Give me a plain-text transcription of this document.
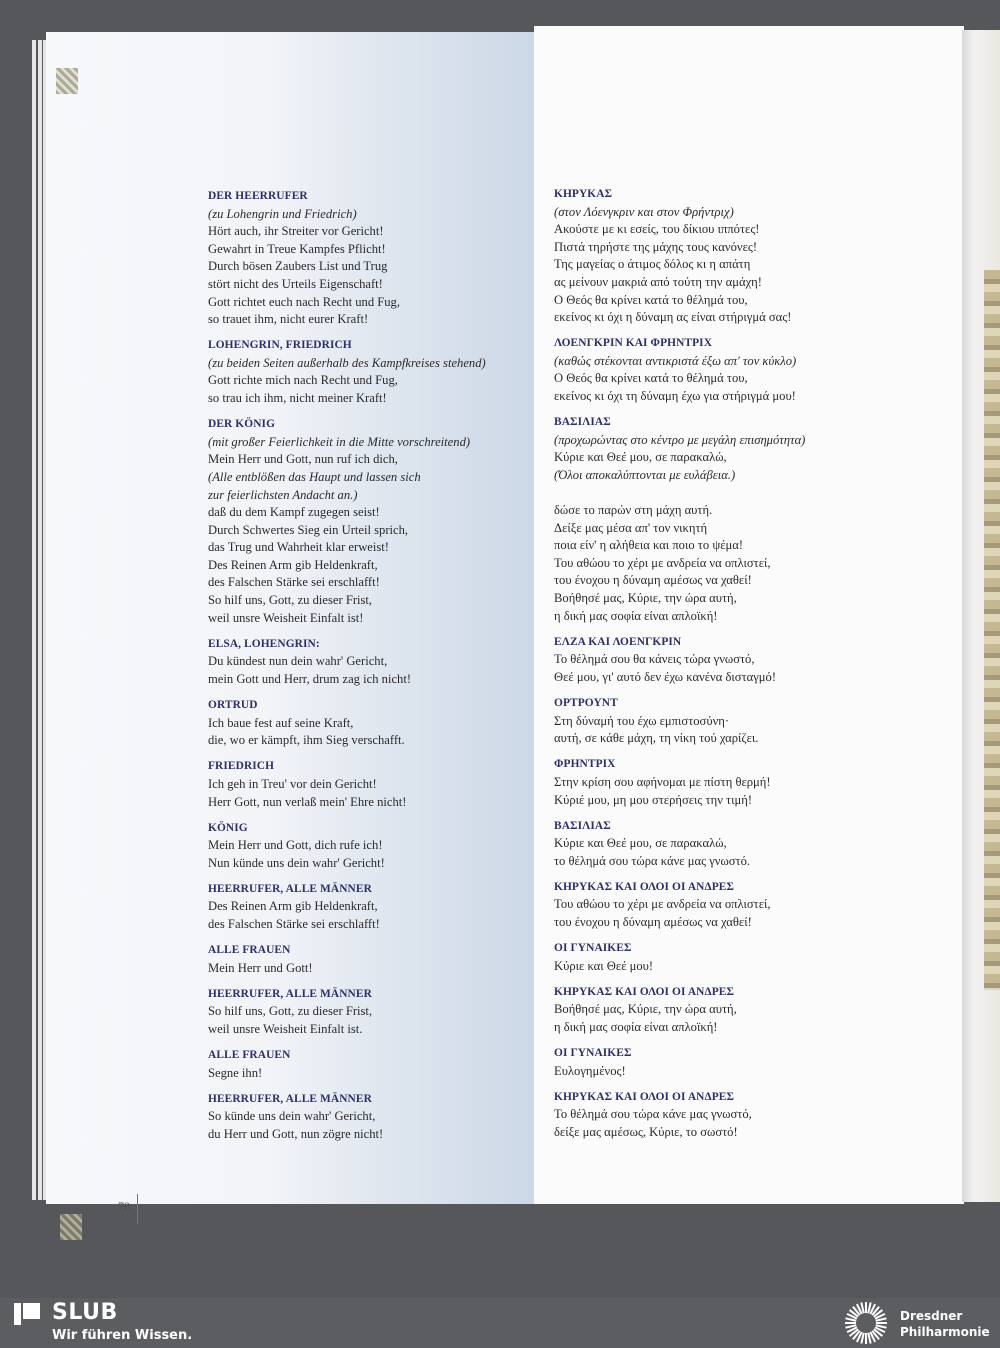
DER HEERRUFER
(zu Lohengrin und Friedrich)
Hört auch, ihr Streiter vor Gericht!
Gewahrt in Treue Kampfes Pflicht!
Durch bösen Zaubers List und Trug
stört nicht des Urteils Eigenschaft!
Gott richtet euch nach Recht und Fug,
so trauet ihm, nicht eurer Kraft!
LOHENGRIN, FRIEDRICH
(zu beiden Seiten außerhalb des Kampfkreises stehend)
Gott richte mich nach Recht und Fug,
so trau ich ihm, nicht meiner Kraft!
DER KÖNIG
(mit großer Feierlichkeit in die Mitte vorschreitend)
Mein Herr und Gott, nun ruf ich dich,
(Alle entblößen das Haupt und lassen sich
zur feierlichsten Andacht an.)
daß du dem Kampf zugegen seist!
Durch Schwertes Sieg ein Urteil sprich,
das Trug und Wahrheit klar erweist!
Des Reinen Arm gib Heldenkraft,
des Falschen Stärke sei erschlafft!
So hilf uns, Gott, zu dieser Frist,
weil unsre Weisheit Einfalt ist!
ELSA, LOHENGRIN:
Du kündest nun dein wahr' Gericht,
mein Gott und Herr, drum zag ich nicht!
ORTRUD
Ich baue fest auf seine Kraft,
die, wo er kämpft, ihm Sieg verschafft.
FRIEDRICH
Ich geh in Treu' vor dein Gericht!
Herr Gott, nun verlaß mein' Ehre nicht!
KÖNIG
Mein Herr und Gott, dich rufe ich!
Nun künde uns dein wahr' Gericht!
HEERRUFER, ALLE MÄNNER
Des Reinen Arm gib Heldenkraft,
des Falschen Stärke sei erschlafft!
ALLE FRAUEN
Mein Herr und Gott!
HEERRUFER, ALLE MÄNNER
So hilf uns, Gott, zu dieser Frist,
weil unsre Weisheit Einfalt ist.
ALLE FRAUEN
Segne ihn!
HEERRUFER, ALLE MÄNNER
So künde uns dein wahr' Gericht,
du Herr und Gott, nun zögre nicht!
ΚΗΡΥΚΑΣ
(στον Λόενγκριν και στον Φρήντριχ)
Ακούστε με κι εσείς, του δίκιου ιππότες!
Πιστά τηρήστε της μάχης τους κανόνες!
Της μαγείας ο άτιμος δόλος κι η απάτη
ας μείνουν μακριά από τούτη την αμάχη!
Ο Θεός θα κρίνει κατά το θέλημά του,
εκείνος κι όχι η δύναμη ας είναι στήριγμά σας!
ΛΟΕΝΓΚΡΙΝ ΚΑΙ ΦΡΗΝΤΡΙΧ
(καθώς στέκονται αντικριστά έξω απ' τον κύκλο)
Ο Θεός θα κρίνει κατά το θέλημά του,
εκείνος κι όχι τη δύναμη έχω για στήριγμά μου!
ΒΑΣΙΛΙΑΣ
(προχωρώντας στο κέντρο με μεγάλη επισημότητα)
Κύριε και Θεέ μου, σε παρακαλώ,
(Όλοι αποκαλύπτονται με ευλάβεια.)
δώσε το παρών στη μάχη αυτή.
Δείξε μας μέσα απ' τον νικητή
ποια είν' η αλήθεια και ποιο το ψέμα!
Του αθώου το χέρι με ανδρεία να οπλιστεί,
του ένοχου η δύναμη αμέσως να χαθεί!
Βοήθησέ μας, Κύριε, την ώρα αυτή,
η δική μας σοφία είναι απλοϊκή!
ΕΛΖΑ ΚΑΙ ΛΟΕΝΓΚΡΙΝ
Το θέλημά σου θα κάνεις τώρα γνωστό,
Θεέ μου, γι' αυτό δεν έχω κανένα δισταγμό!
ΟΡΤΡΟΥΝΤ
Στη δύναμή του έχω εμπιστοσύνη·
αυτή, σε κάθε μάχη, τη νίκη τού χαρίζει.
ΦΡΗΝΤΡΙΧ
Στην κρίση σου αφήνομαι με πίστη θερμή!
Κύριέ μου, μη μου στερήσεις την τιμή!
ΒΑΣΙΛΙΑΣ
Κύριε και Θεέ μου, σε παρακαλώ,
το θέλημά σου τώρα κάνε μας γνωστό.
ΚΗΡΥΚΑΣ ΚΑΙ ΟΛΟΙ ΟΙ ΑΝΔΡΕΣ
Του αθώου το χέρι με ανδρεία να οπλιστεί,
του ένοχου η δύναμη αμέσως να χαθεί!
ΟΙ ΓΥΝΑΙΚΕΣ
Κύριε και Θεέ μου!
ΚΗΡΥΚΑΣ ΚΑΙ ΟΛΟΙ ΟΙ ΑΝΔΡΕΣ
Βοήθησέ μας, Κύριε, την ώρα αυτή,
η δική μας σοφία είναι απλοϊκή!
ΟΙ ΓΥΝΑΙΚΕΣ
Ευλογημένος!
ΚΗΡΥΚΑΣ ΚΑΙ ΟΛΟΙ ΟΙ ΑΝΔΡΕΣ
Το θέλημά σου τώρα κάνε μας γνωστό,
δείξε μας αμέσως, Κύριε, το σωστό!
70
SLUB
Wir führen Wissen.
Dresdner
Philharmonie
